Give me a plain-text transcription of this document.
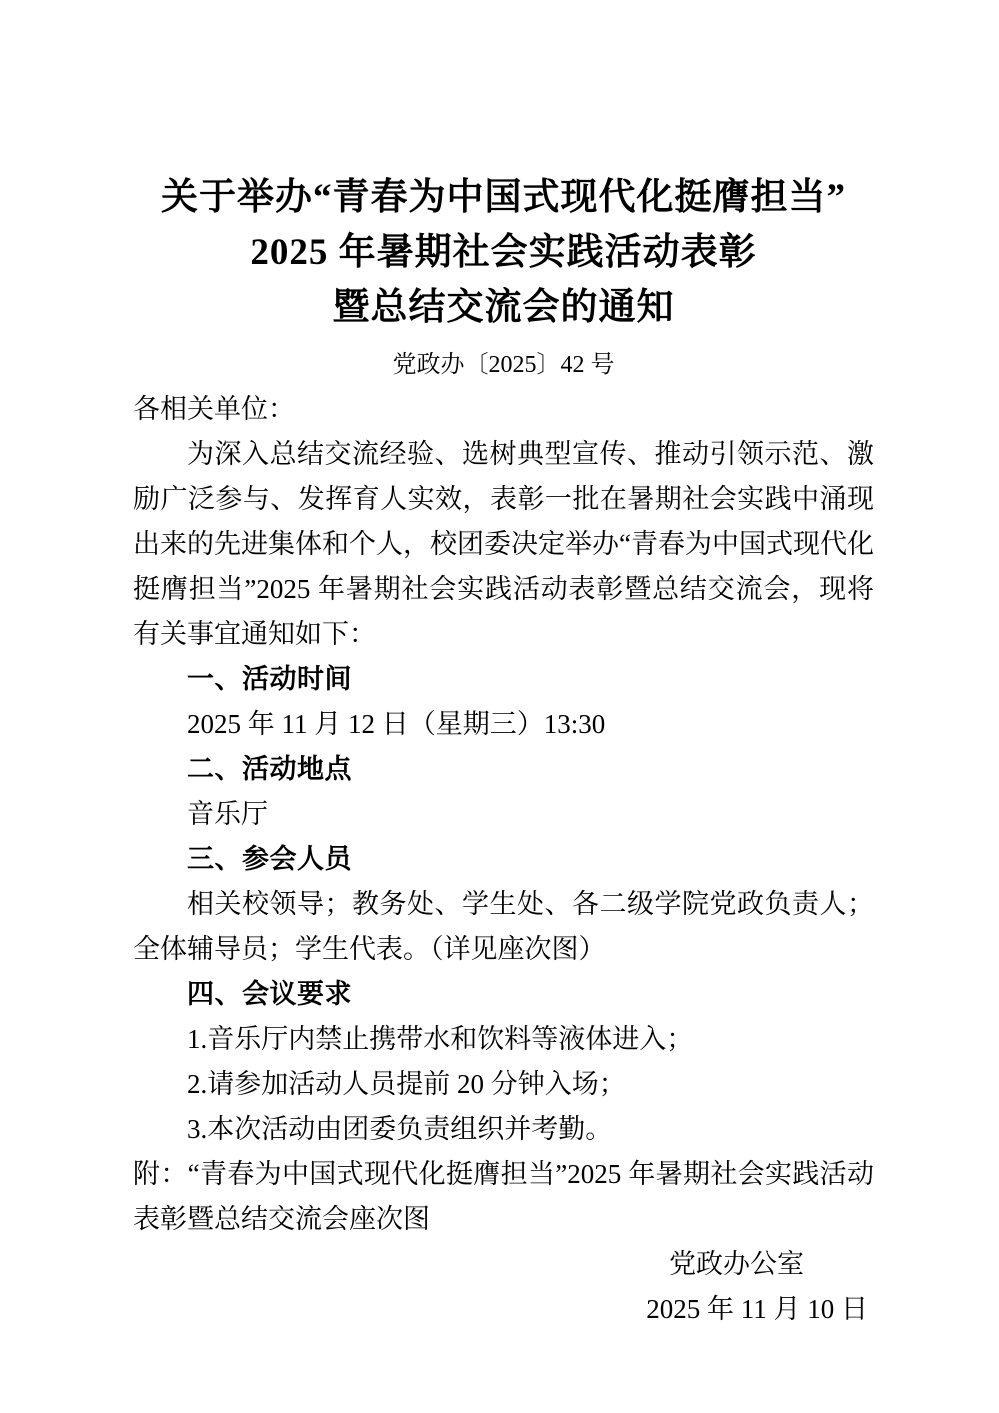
关于举办“青春为中国式现代化挺膺担当”
2025 年暑期社会实践活动表彰
暨总结交流会的通知
党政办〔2025〕42 号
各相关单位：
为深入总结交流经验、选树典型宣传、推动引领示范、激励广泛参与、发挥育人实效，表彰一批在暑期社会实践中涌现出来的先进集体和个人，校团委决定举办“青春为中国式现代化挺膺担当”2025 年暑期社会实践活动表彰暨总结交流会，现将有关事宜通知如下：
一、活动时间
2025 年 11 月 12 日（星期三）13:30
二、活动地点
音乐厅
三、参会人员
相关校领导；教务处、学生处、各二级学院党政负责人；全体辅导员；学生代表。（详见座次图）
四、会议要求
1.音乐厅内禁止携带水和饮料等液体进入；
2.请参加活动人员提前 20 分钟入场；
3.本次活动由团委负责组织并考勤。
附：“青春为中国式现代化挺膺担当”2025 年暑期社会实践活动表彰暨总结交流会座次图
党政办公室
2025 年 11 月 10 日
